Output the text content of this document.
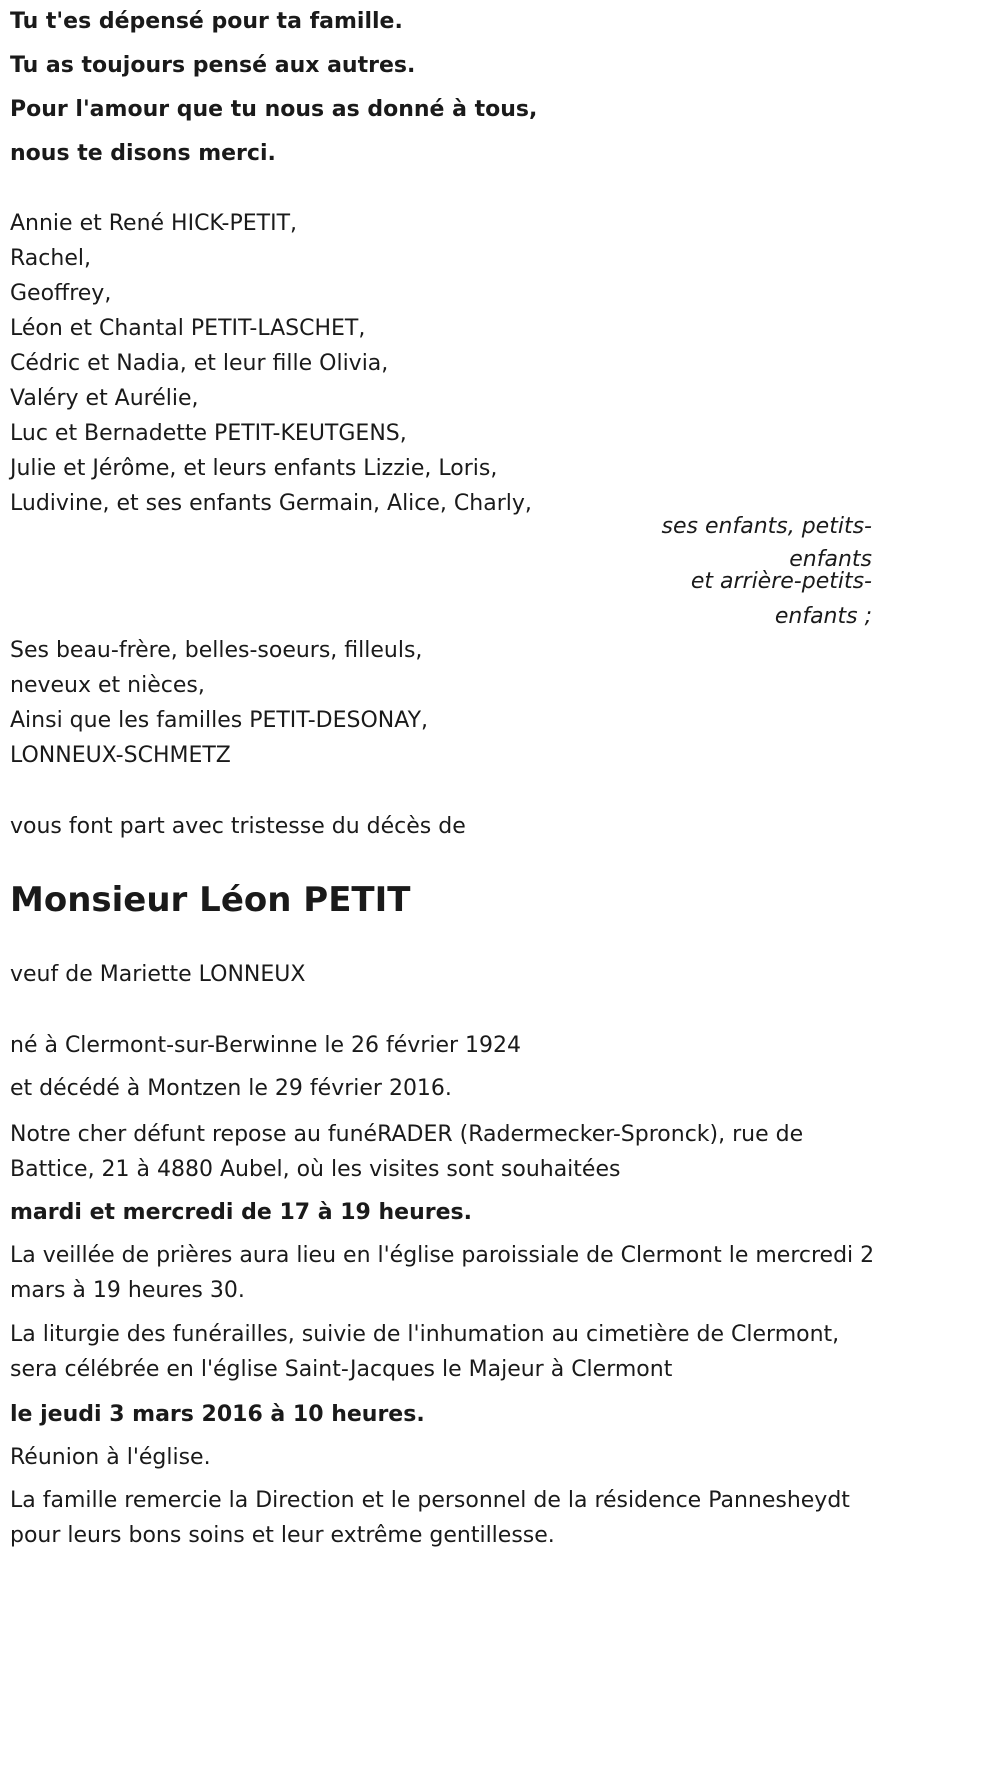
Tu t'es dépensé pour ta famille.
Tu as toujours pensé aux autres.
Pour l'amour que tu nous as donné à tous,
nous te disons merci.
Annie et René HICK-PETIT,
Rachel,
Geoffrey,
Léon et Chantal PETIT-LASCHET,
Cédric et Nadia, et leur fille Olivia,
Valéry et Aurélie,
Luc et Bernadette PETIT-KEUTGENS,
Julie et Jérôme, et leurs enfants Lizzie, Loris,
Ludivine, et ses enfants Germain, Alice, Charly,
ses enfants, petits-
enfants
et arrière-petits-
enfants ;
Ses beau-frère, belles-soeurs, filleuls,
neveux et nièces,
Ainsi que les familles PETIT-DESONAY,
LONNEUX-SCHMETZ
vous font part avec tristesse du décès de
Monsieur Léon PETIT
veuf de Mariette LONNEUX
né à Clermont-sur-Berwinne le 26 février 1924
et décédé à Montzen le 29 février 2016.

Notre cher défunt repose au funéRADER (Radermecker-Spronck), rue de Battice, 21 à 4880 Aubel, où les visites sont souhaitées

mardi et mercredi de 17 à 19 heures.

La veillée de prières aura lieu en l'église paroissiale de Clermont le mercredi 2 mars à 19 heures 30.

La liturgie des funérailles, suivie de l'inhumation au cimetière de Clermont, sera célébrée en l'église Saint-Jacques le Majeur à Clermont

le jeudi 3 mars 2016 à 10 heures.

Réunion à l'église.

La famille remercie la Direction et le personnel de la résidence Pannesheydt pour leurs bons soins et leur extrême gentillesse.
